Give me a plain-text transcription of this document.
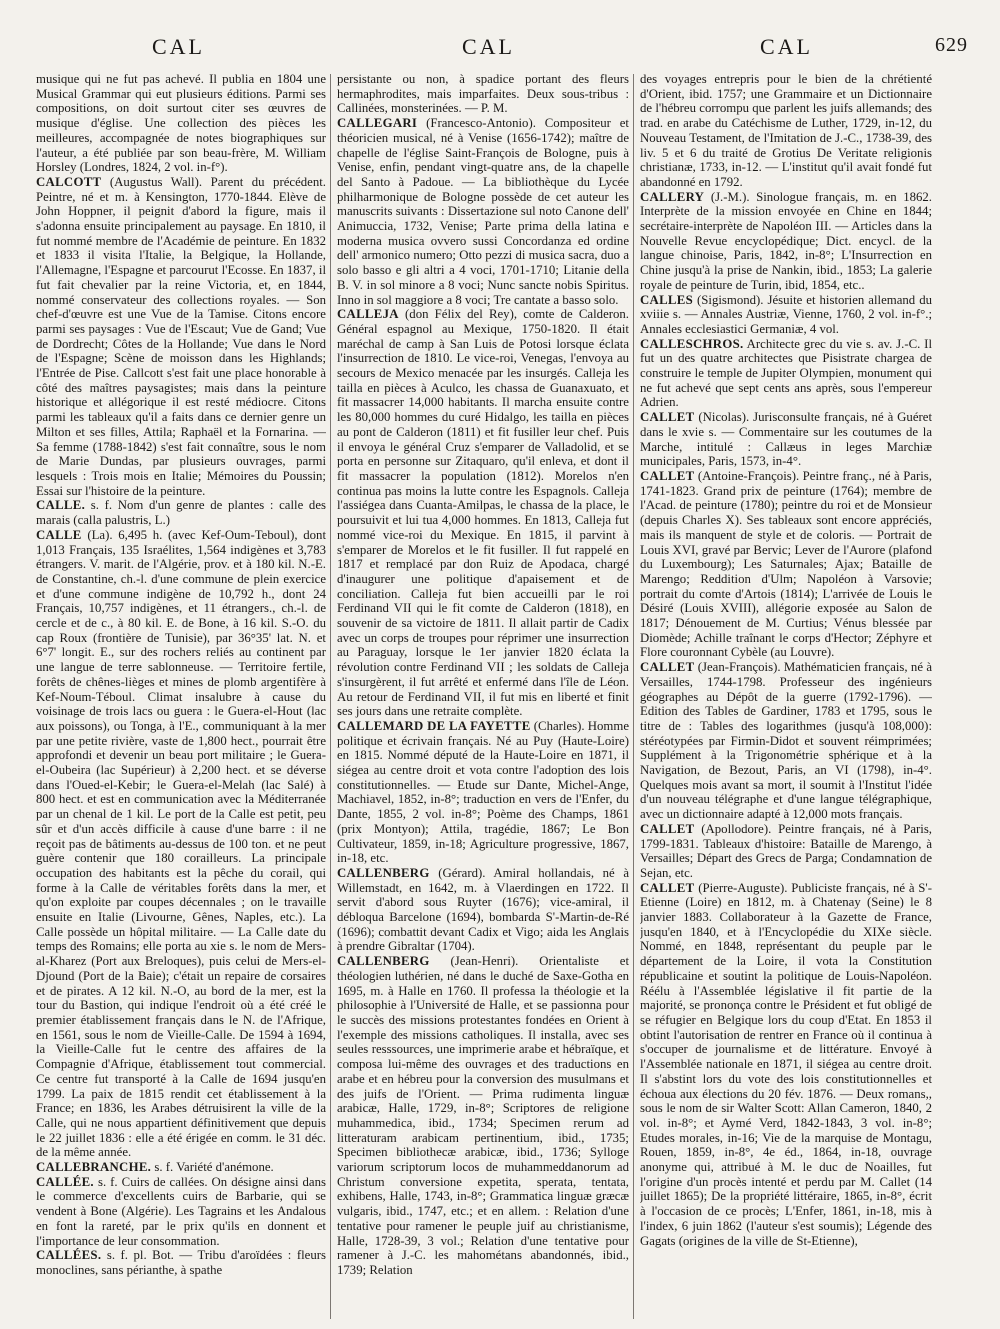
CAL	CAL	CAL	629

musique qui ne fut pas achevé. Il publia en 1804 une Musical Grammar qui eut plusieurs éditions. Parmi ses compositions, on doit surtout citer ses œuvres de musique d'église. Une collection des pièces les meilleures, accompagnée de notes biographiques sur l'auteur, a été publiée par son beau-frère, M. William Horsley (Londres, 1824, 2 vol. in-f°).

CALCOTT (Augustus Wall). Parent du précédent. Peintre, né et m. à Kensington, 1770-1844. Elève de John Hoppner, il peignit d'abord la figure, mais il s'adonna ensuite principalement au paysage. En 1810, il fut nommé membre de l'Académie de peinture. En 1832 et 1833 il visita l'Italie, la Belgique, la Hollande, l'Allemagne, l'Espagne et parcourut l'Ecosse. En 1837, il fut fait chevalier par la reine Victoria, et, en 1844, nommé conservateur des collections royales. — Son chef-d'œuvre est une Vue de la Tamise. Citons encore parmi ses paysages : Vue de l'Escaut; Vue de Gand; Vue de Dordrecht; Côtes de la Hollande; Vue dans le Nord de l'Espagne; Scène de moisson dans les Highlands; l'Entrée de Pise. Callcott s'est fait une place honorable à côté des maîtres paysagistes; mais dans la peinture historique et allégorique il est resté médiocre. Citons parmi les tableaux qu'il a faits dans ce dernier genre un Milton et ses filles, Attila; Raphaël et la Fornarina. — Sa femme (1788-1842) s'est fait connaître, sous le nom de Marie Dundas, par plusieurs ouvrages, parmi lesquels : Trois mois en Italie; Mémoires du Poussin; Essai sur l'histoire de la peinture.

CALLE. s. f. Nom d'un genre de plantes : calle des marais (calla palustris, L.)

CALLE (La). 6,495 h. (avec Kef-Oum-Teboul), dont 1,013 Français, 135 Israélites, 1,564 indigènes et 3,783 étrangers. V. marit. de l'Algérie, prov. et à 180 kil. N.-E. de Constantine, ch.-l. d'une commune de plein exercice et d'une commune indigène de 10,792 h., dont 24 Français, 10,757 indigènes, et 11 étrangers., ch.-l. de cercle et de c., à 80 kil. E. de Bone, à 16 kil. S.-O. du cap Roux (frontière de Tunisie), par 36°35' lat. N. et 6°7' longit. E., sur des rochers reliés au continent par une langue de terre sablonneuse. — Territoire fertile, forêts de chênes-lièges et mines de plomb argentifère à Kef-Noum-Téboul. Climat insalubre à cause du voisinage de trois lacs ou guera : le Guera-el-Hout (lac aux poissons), ou Tonga, à l'E., communiquant à la mer par une petite rivière, vaste de 1,800 hect., pourrait être approfondi et devenir un beau port militaire ; le Guera-el-Oubeira (lac Supérieur) à 2,200 hect. et se déverse dans l'Oued-el-Kebir; le Guera-el-Melah (lac Salé) à 800 hect. et est en communication avec la Méditerranée par un chenal de 1 kil. Le port de la Calle est petit, peu sûr et d'un accès difficile à cause d'une barre : il ne reçoit pas de bâtiments au-dessus de 100 ton. et ne peut guère contenir que 180 corailleurs. La principale occupation des habitants est la pêche du corail, qui forme à la Calle de véritables forêts dans la mer, et qu'on exploite par coupes décennales ; on le travaille ensuite en Italie (Livourne, Gênes, Naples, etc.). La Calle possède un hôpital militaire. — La Calle date du temps des Romains; elle porta au xie s. le nom de Mers-al-Kharez (Port aux Breloques), puis celui de Mers-el-Djound (Port de la Baie); c'était un repaire de corsaires et de pirates. A 12 kil. N.-O, au bord de la mer, est la tour du Bastion, qui indique l'endroit où a été créé le premier établissement français dans le N. de l'Afrique, en 1561, sous le nom de Vieille-Calle. De 1594 à 1694, la Vieille-Calle fut le centre des affaires de la Compagnie d'Afrique, établissement tout commercial. Ce centre fut transporté à la Calle de 1694 jusqu'en 1799. La paix de 1815 rendit cet établissement à la France; en 1836, les Arabes détruisirent la ville de la Calle, qui ne nous appartient définitivement que depuis le 22 juillet 1836 : elle a été érigée en comm. le 31 déc. de la même année.

CALLEBRANCHE. s. f. Variété d'anémone.

CALLÉE. s. f. Cuirs de callées. On désigne ainsi dans le commerce d'excellents cuirs de Barbarie, qui se vendent à Bone (Algérie). Les Tagrains et les Andalous en font la rareté, par le prix qu'ils en donnent et l'importance de leur consommation.

CALLÉES. s. f. pl. Bot. — Tribu d'aroïdées : fleurs monoclines, sans périanthe, à spathe

persistante ou non, à spadice portant des fleurs hermaphrodites, mais imparfaites. Deux sous-tribus : Callinées, monsterinées. — P. M.

CALLEGARI (Francesco-Antonio). Compositeur et théoricien musical, né à Venise (1656-1742); maître de chapelle de l'église Saint-François de Bologne, puis à Venise, enfin, pendant vingt-quatre ans, de la chapelle del Santo à Padoue. — La bibliothèque du Lycée philharmonique de Bologne possède de cet auteur les manuscrits suivants : Dissertazione sul noto Canone dell' Animuccia, 1732, Venise; Parte prima della latina e moderna musica ovvero sussi Concordanza ed ordine dell' armonico numero; Otto pezzi di musica sacra, duo a solo basso e gli altri a 4 voci, 1701-1710; Litanie della B. V. in sol minore a 8 voci; Nunc sancte nobis Spiritus. Inno in sol maggiore a 8 voci; Tre cantate a basso solo.

CALLEJA (don Félix del Rey), comte de Calderon. Général espagnol au Mexique, 1750-1820. Il était maréchal de camp à San Luis de Potosi lorsque éclata l'insurrection de 1810. Le vice-roi, Venegas, l'envoya au secours de Mexico menacée par les insurgés. Calleja les tailla en pièces à Aculco, les chassa de Guanaxuato, et fit massacrer 14,000 habitants. Il marcha ensuite contre les 80,000 hommes du curé Hidalgo, les tailla en pièces au pont de Calderon (1811) et fit fusiller leur chef. Puis il envoya le général Cruz s'emparer de Valladolid, et se porta en personne sur Zitaquaro, qu'il enleva, et dont il fit massacrer la population (1812). Morelos n'en continua pas moins la lutte contre les Espagnols. Calleja l'assiégea dans Cuanta-Amilpas, le chassa de la place, le poursuivit et lui tua 4,000 hommes. En 1813, Calleja fut nommé vice-roi du Mexique. En 1815, il parvint à s'emparer de Morelos et le fit fusiller. Il fut rappelé en 1817 et remplacé par don Ruiz de Apodaca, chargé d'inaugurer une politique d'apaisement et de conciliation. Calleja fut bien accueilli par le roi Ferdinand VII qui le fit comte de Calderon (1818), en souvenir de sa victoire de 1811. Il allait partir de Cadix avec un corps de troupes pour réprimer une insurrection au Paraguay, lorsque le 1er janvier 1820 éclata la révolution contre Ferdinand VII ; les soldats de Calleja s'insurgèrent, il fut arrêté et enfermé dans l'île de Léon. Au retour de Ferdinand VII, il fut mis en liberté et finit ses jours dans une retraite complète.

CALLEMARD DE LA FAYETTE (Charles). Homme politique et écrivain français. Né au Puy (Haute-Loire) en 1815. Nommé député de la Haute-Loire en 1871, il siégea au centre droit et vota contre l'adoption des lois constitutionnelles. — Etude sur Dante, Michel-Ange, Machiavel, 1852, in-8°; traduction en vers de l'Enfer, du Dante, 1855, 2 vol. in-8°; Poème des Champs, 1861 (prix Montyon); Attila, tragédie, 1867; Le Bon Cultivateur, 1859, in-18; Agriculture progressive, 1867, in-18, etc.

CALLENBERG (Gérard). Amiral hollandais, né à Willemstadt, en 1642, m. à Vlaerdingen en 1722. Il servit d'abord sous Ruyter (1676); vice-amiral, il débloqua Barcelone (1694), bombarda S'-Martin-de-Ré (1696); combattit devant Cadix et Vigo; aida les Anglais à prendre Gibraltar (1704).

CALLENBERG (Jean-Henri). Orientaliste et théologien luthérien, né dans le duché de Saxe-Gotha en 1695, m. à Halle en 1760. Il professa la théologie et la philosophie à l'Université de Halle, et se passionna pour le succès des missions protestantes fondées en Orient à l'exemple des missions catholiques. Il installa, avec ses seules resssources, une imprimerie arabe et hébraïque, et composa lui-même des ouvrages et des traductions en arabe et en hébreu pour la conversion des musulmans et des juifs de l'Orient. — Prima rudimenta linguæ arabicæ, Halle, 1729, in-8°; Scriptores de religione muhammedica, ibid., 1734; Specimen rerum ad litteraturam arabicam pertinentium, ibid., 1735; Specimen bibliothecæ arabicæ, ibid., 1736; Sylloge variorum scriptorum locos de muhammeddanorum ad Christum conversione expetita, sperata, tentata, exhibens, Halle, 1743, in-8°; Grammatica linguæ græcæ vulgaris, ibid., 1747, etc.; et en allem. : Relation d'une tentative pour ramener le peuple juif au christianisme, Halle, 1728-39, 3 vol.; Relation d'une tentative pour ramener à J.-C. les mahométans abandonnés, ibid., 1739; Relation

des voyages entrepris pour le bien de la chrétienté d'Orient, ibid. 1757; une Grammaire et un Dictionnaire de l'hébreu corrompu que parlent les juifs allemands; des trad. en arabe du Catéchisme de Luther, 1729, in-12, du Nouveau Testament, de l'Imitation de J.-C., 1738-39, des liv. 5 et 6 du traité de Grotius De Veritate religionis christianæ, 1733, in-12. — L'institut qu'il avait fondé fut abandonné en 1792.

CALLERY (J.-M.). Sinologue français, m. en 1862. Interprète de la mission envoyée en Chine en 1844; secrétaire-interprète de Napoléon III. — Articles dans la Nouvelle Revue encyclopédique; Dict. encycl. de la langue chinoise, Paris, 1842, in-8°; L'Insurrection en Chine jusqu'à la prise de Nankin, ibid., 1853; La galerie royale de peinture de Turin, ibid, 1854, etc..

CALLES (Sigismond). Jésuite et historien allemand du xviiie s. — Annales Austriæ, Vienne, 1760, 2 vol. in-f°.; Annales ecclesiastici Germaniæ, 4 vol.

CALLESCHROS. Architecte grec du vie s. av. J.-C. Il fut un des quatre architectes que Pisistrate chargea de construire le temple de Jupiter Olympien, monument qui ne fut achevé que sept cents ans après, sous l'empereur Adrien.

CALLET (Nicolas). Jurisconsulte français, né à Guéret dans le xvie s. — Commentaire sur les coutumes de la Marche, intitulé : Callæus in leges Marchiæ municipales, Paris, 1573, in-4°.

CALLET (Antoine-François). Peintre franç., né à Paris, 1741-1823. Grand prix de peinture (1764); membre de l'Acad. de peinture (1780); peintre du roi et de Monsieur (depuis Charles X). Ses tableaux sont encore appréciés, mais ils manquent de style et de coloris. — Portrait de Louis XVI, gravé par Bervic; Lever de l'Aurore (plafond du Luxembourg); Les Saturnales; Ajax; Bataille de Marengo; Reddition d'Ulm; Napoléon à Varsovie; portrait du comte d'Artois (1814); L'arrivée de Louis le Désiré (Louis XVIII), allégorie exposée au Salon de 1817; Dénouement de M. Curtius; Vénus blessée par Diomède; Achille traînant le corps d'Hector; Zéphyre et Flore couronnant Cybèle (au Louvre).

CALLET (Jean-François). Mathématicien français, né à Versailles, 1744-1798. Professeur des ingénieurs géographes au Dépôt de la guerre (1792-1796). — Edition des Tables de Gardiner, 1783 et 1795, sous le titre de : Tables des logarithmes (jusqu'à 108,000): stéréotypées par Firmin-Didot et souvent réimprimées; Supplément à la Trigonométrie sphérique et à la Navigation, de Bezout, Paris, an VI (1798), in-4°. Quelques mois avant sa mort, il soumit à l'Institut l'idée d'un nouveau télégraphe et d'une langue télégraphique, avec un dictionnaire adapté à 12,000 mots français.

CALLET (Apollodore). Peintre français, né à Paris, 1799-1831. Tableaux d'histoire: Bataille de Marengo, à Versailles; Départ des Grecs de Parga; Condamnation de Sejan, etc.

CALLET (Pierre-Auguste). Publiciste français, né à S'-Etienne (Loire) en 1812, m. à Chatenay (Seine) le 8 janvier 1883. Collaborateur à la Gazette de France, jusqu'en 1840, et à l'Encyclopédie du XIXe siècle. Nommé, en 1848, représentant du peuple par le département de la Loire, il vota la Constitution républicaine et soutint la politique de Louis-Napoléon. Réélu à l'Assemblée législative il fit partie de la majorité, se prononça contre le Président et fut obligé de se réfugier en Belgique lors du coup d'Etat. En 1853 il obtint l'autorisation de rentrer en France où il continua à s'occuper de journalisme et de littérature. Envoyé à l'Assemblée nationale en 1871, il siégea au centre droit. Il s'abstint lors du vote des lois constitutionnelles et échoua aux élections du 20 fév. 1876. — Deux romans,, sous le nom de sir Walter Scott: Allan Cameron, 1840, 2 vol. in-8°; et Aymé Verd, 1842-1843, 3 vol. in-8°; Etudes morales, in-16; Vie de la marquise de Montagu, Rouen, 1859, in-8°, 4e éd., 1864, in-18, ouvrage anonyme qui, attribué à M. le duc de Noailles, fut l'origine d'un procès intenté et perdu par M. Callet (14 juillet 1865); De la propriété littéraire, 1865, in-8°, écrit à l'occasion de ce procès; L'Enfer, 1861, in-18, mis à l'index, 6 juin 1862 (l'auteur s'est soumis); Légende des Gagats (origines de la ville de St-Etienne),
